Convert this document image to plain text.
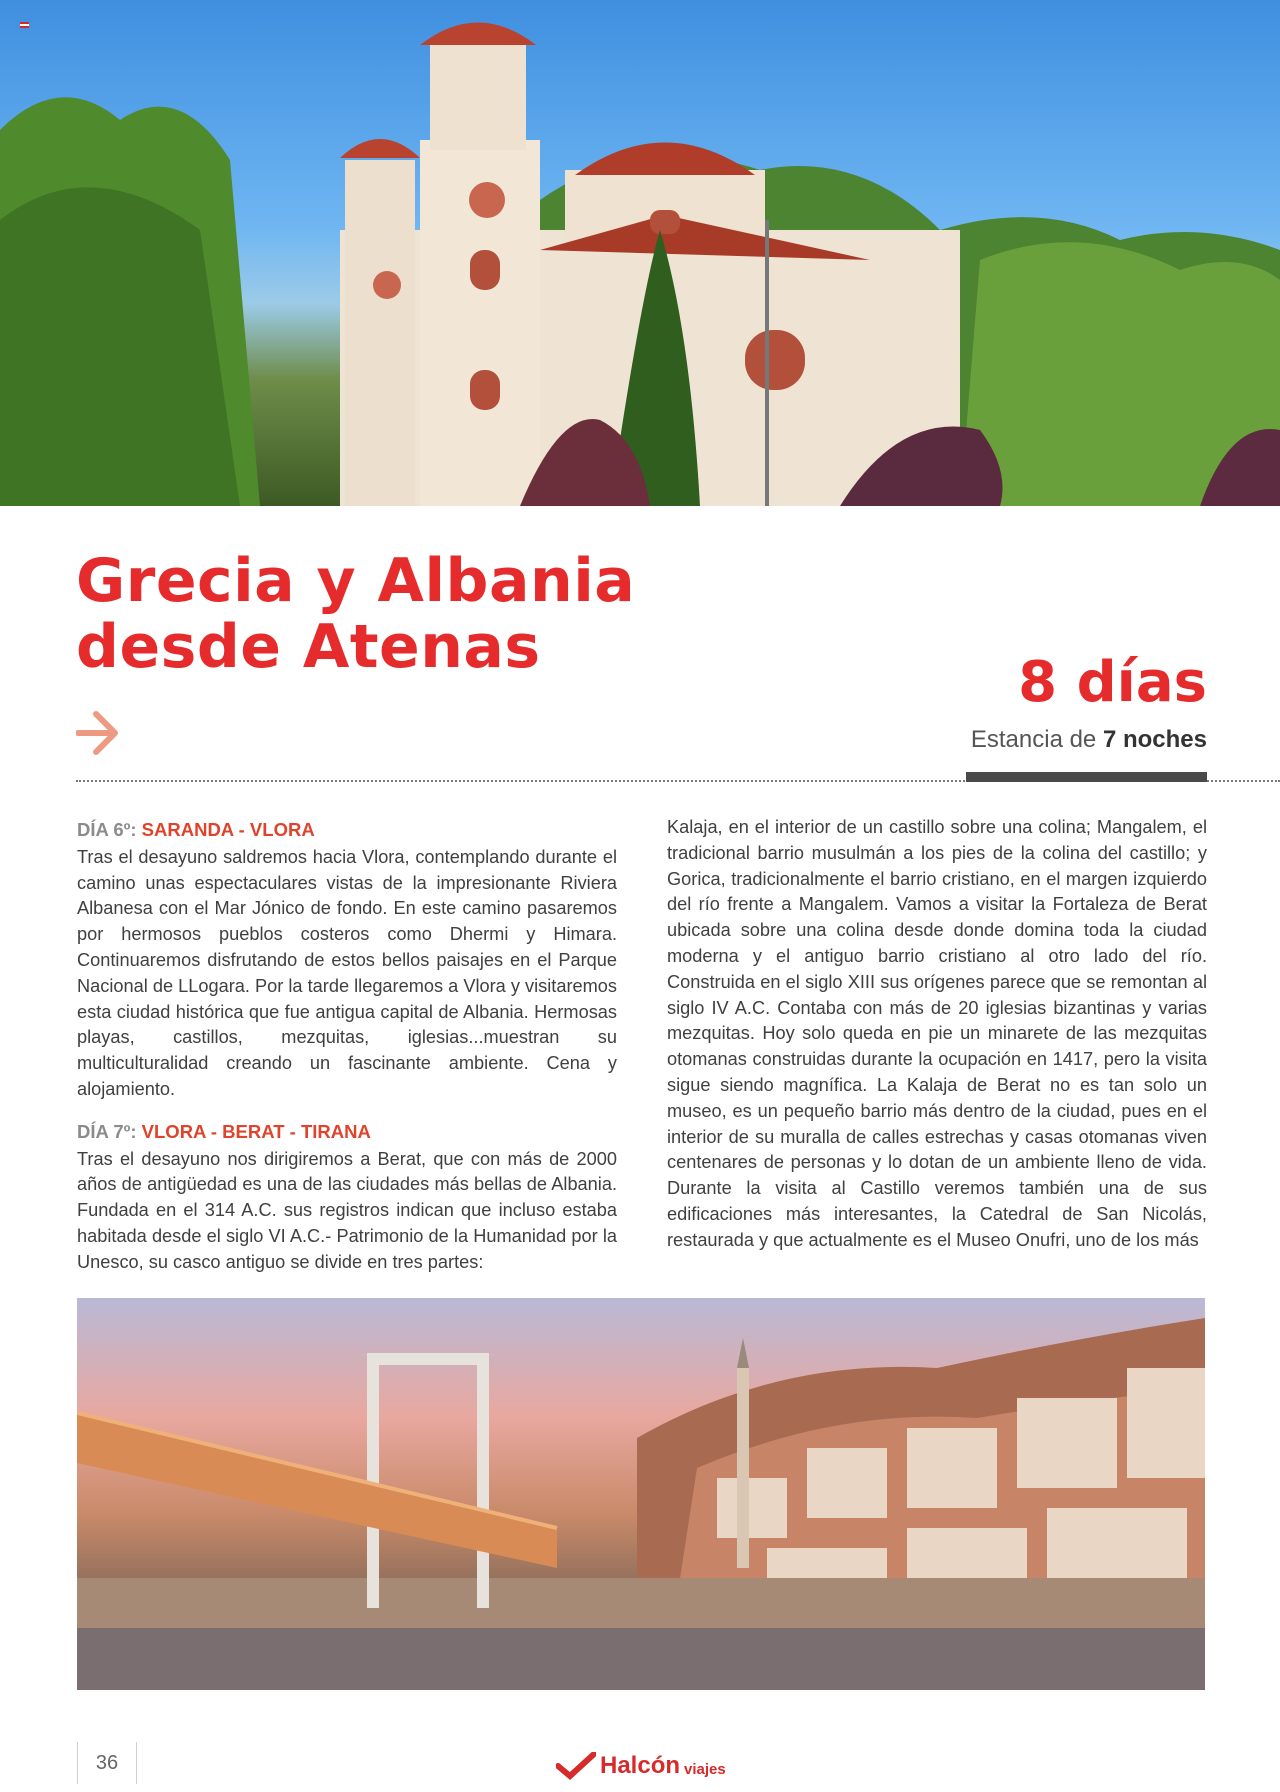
Grecia y Albania
desde Atenas

8 días

Estancia de 7 noches
DÍA 6º: SARANDA - VLORA
Tras el desayuno saldremos hacia Vlora, contemplando durante el camino unas espectaculares vistas de la impresionante Riviera Albanesa con el Mar Jónico de fondo. En este camino pasaremos por hermosos pueblos costeros como Dhermi y Himara. Continuaremos disfrutando de estos bellos paisajes en el Parque Nacional de LLogara. Por la tarde llegaremos a Vlora y visitaremos esta ciudad histórica que fue antigua capital de Albania. Hermosas playas, castillos, mezquitas, iglesias...muestran su multiculturalidad creando un fascinante ambiente. Cena y alojamiento.
DÍA 7º: VLORA - BERAT - TIRANA
Tras el desayuno nos dirigiremos a Berat, que con más de 2000 años de antigüedad es una de las ciudades más bellas de Albania. Fundada en el 314 A.C. sus registros indican que incluso estaba habitada desde el siglo VI A.C.- Patrimonio de la Humanidad por la Unesco, su casco antiguo se divide en tres partes:
Kalaja, en el interior de un castillo sobre una colina; Mangalem, el tradicional barrio musulmán a los pies de la colina del castillo; y Gorica, tradicionalmente el barrio cristiano, en el margen izquierdo del río frente a Mangalem. Vamos a visitar la Fortaleza de Berat ubicada sobre una colina desde donde domina toda la ciudad moderna y el antiguo barrio cristiano al otro lado del río. Construida en el siglo XIII sus orígenes parece que se remontan al siglo IV A.C. Contaba con más de 20 iglesias bizantinas y varias mezquitas. Hoy solo queda en pie un minarete de las mezquitas otomanas construidas durante la ocupación en 1417, pero la visita sigue siendo magnífica. La Kalaja de Berat no es tan solo un museo, es un pequeño barrio más dentro de la ciudad, pues en el interior de su muralla de calles estrechas y casas otomanas viven centenares de personas y lo dotan de un ambiente lleno de vida. Durante la visita al Castillo veremos también una de sus edificaciones más interesantes, la Catedral de San Nicolás, restaurada y que actualmente es el Museo Onufri, uno de los más
36	Halcón viajes
